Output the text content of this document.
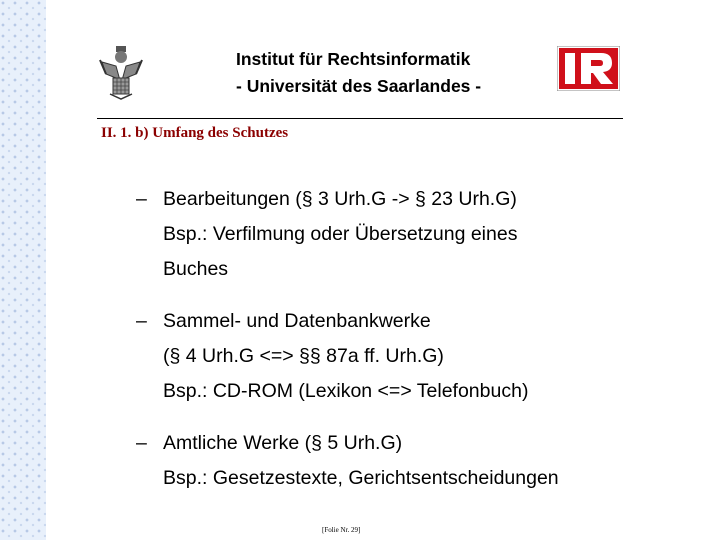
Institut für Rechtsinformatik
- Universität des Saarlandes -
II. 1. b) Umfang des Schutzes
– Bearbeitungen (§ 3 Urh.G -> § 23 Urh.G)
Bsp.: Verfilmung oder Übersetzung eines
Buches
– Sammel- und Datenbankwerke
(§ 4 Urh.G <=> §§ 87a ff. Urh.G)
Bsp.: CD-ROM (Lexikon <=> Telefonbuch)
– Amtliche Werke (§ 5 Urh.G)
Bsp.: Gesetzestexte, Gerichtsentscheidungen
[Folie Nr. 29]
